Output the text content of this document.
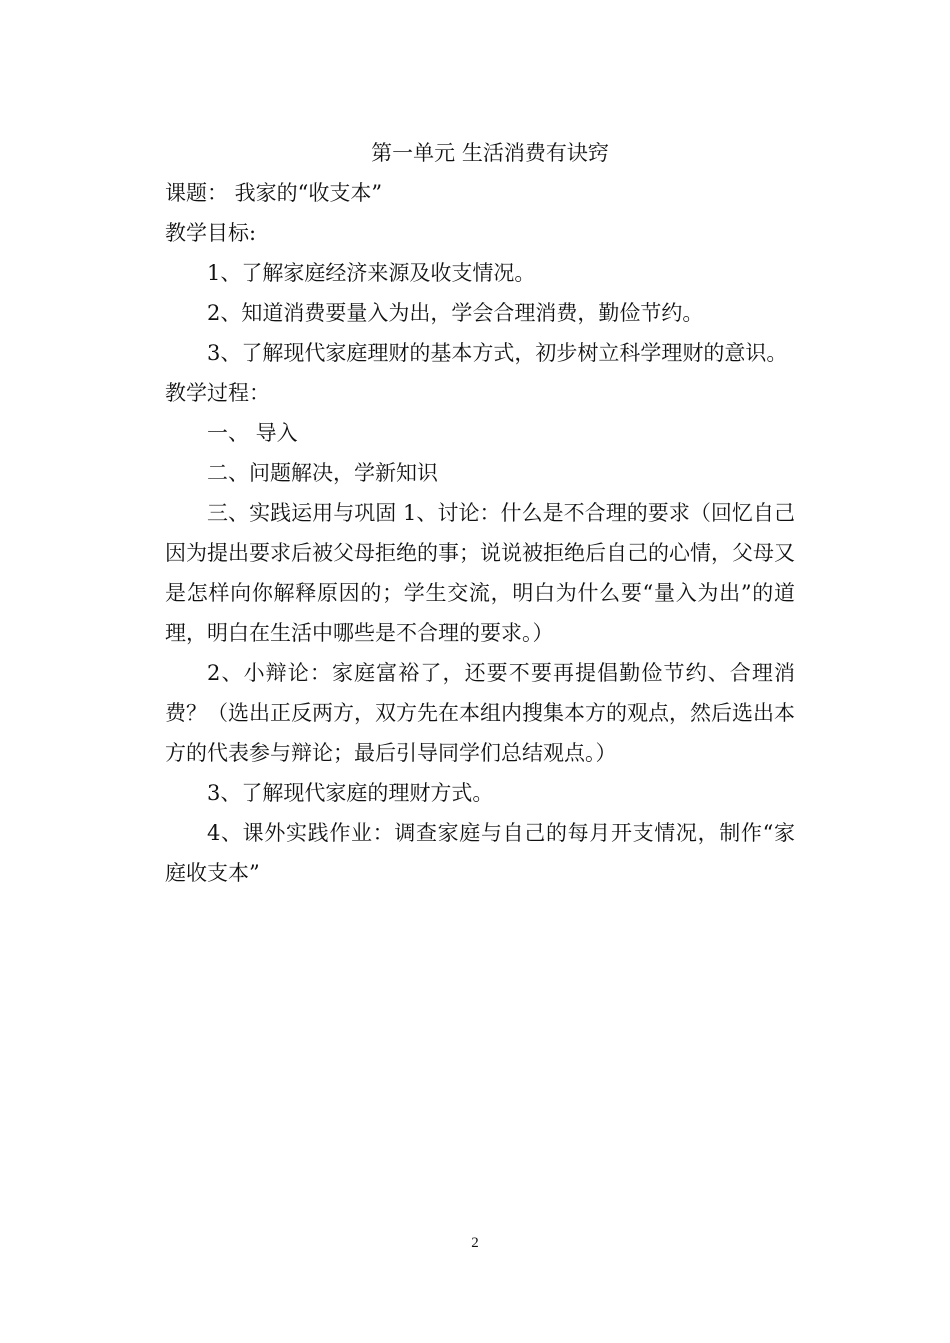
第一单元 生活消费有诀窍
课题： 我家的“收支本”
教学目标:
1、了解家庭经济来源及收支情况。
2、知道消费要量入为出，学会合理消费，勤俭节约。
3、了解现代家庭理财的基本方式，初步树立科学理财的意识。
教学过程：
一、 导入
二、问题解决，学新知识

三、实践运用与巩固 1、讨论：什么是不合理的要求（回忆自己因为提出要求后被父母拒绝的事；说说被拒绝后自己的心情，父母又是怎样向你解释原因的；学生交流，明白为什么要“量入为出”的道理，明白在生活中哪些是不合理的要求。）

2、小辩论：家庭富裕了，还要不要再提倡勤俭节约、合理消费？（选出正反两方，双方先在本组内搜集本方的观点，然后选出本方的代表参与辩论；最后引导同学们总结观点。）

3、了解现代家庭的理财方式。

4、课外实践作业：调查家庭与自己的每月开支情况，制作“家庭收支本”

2
